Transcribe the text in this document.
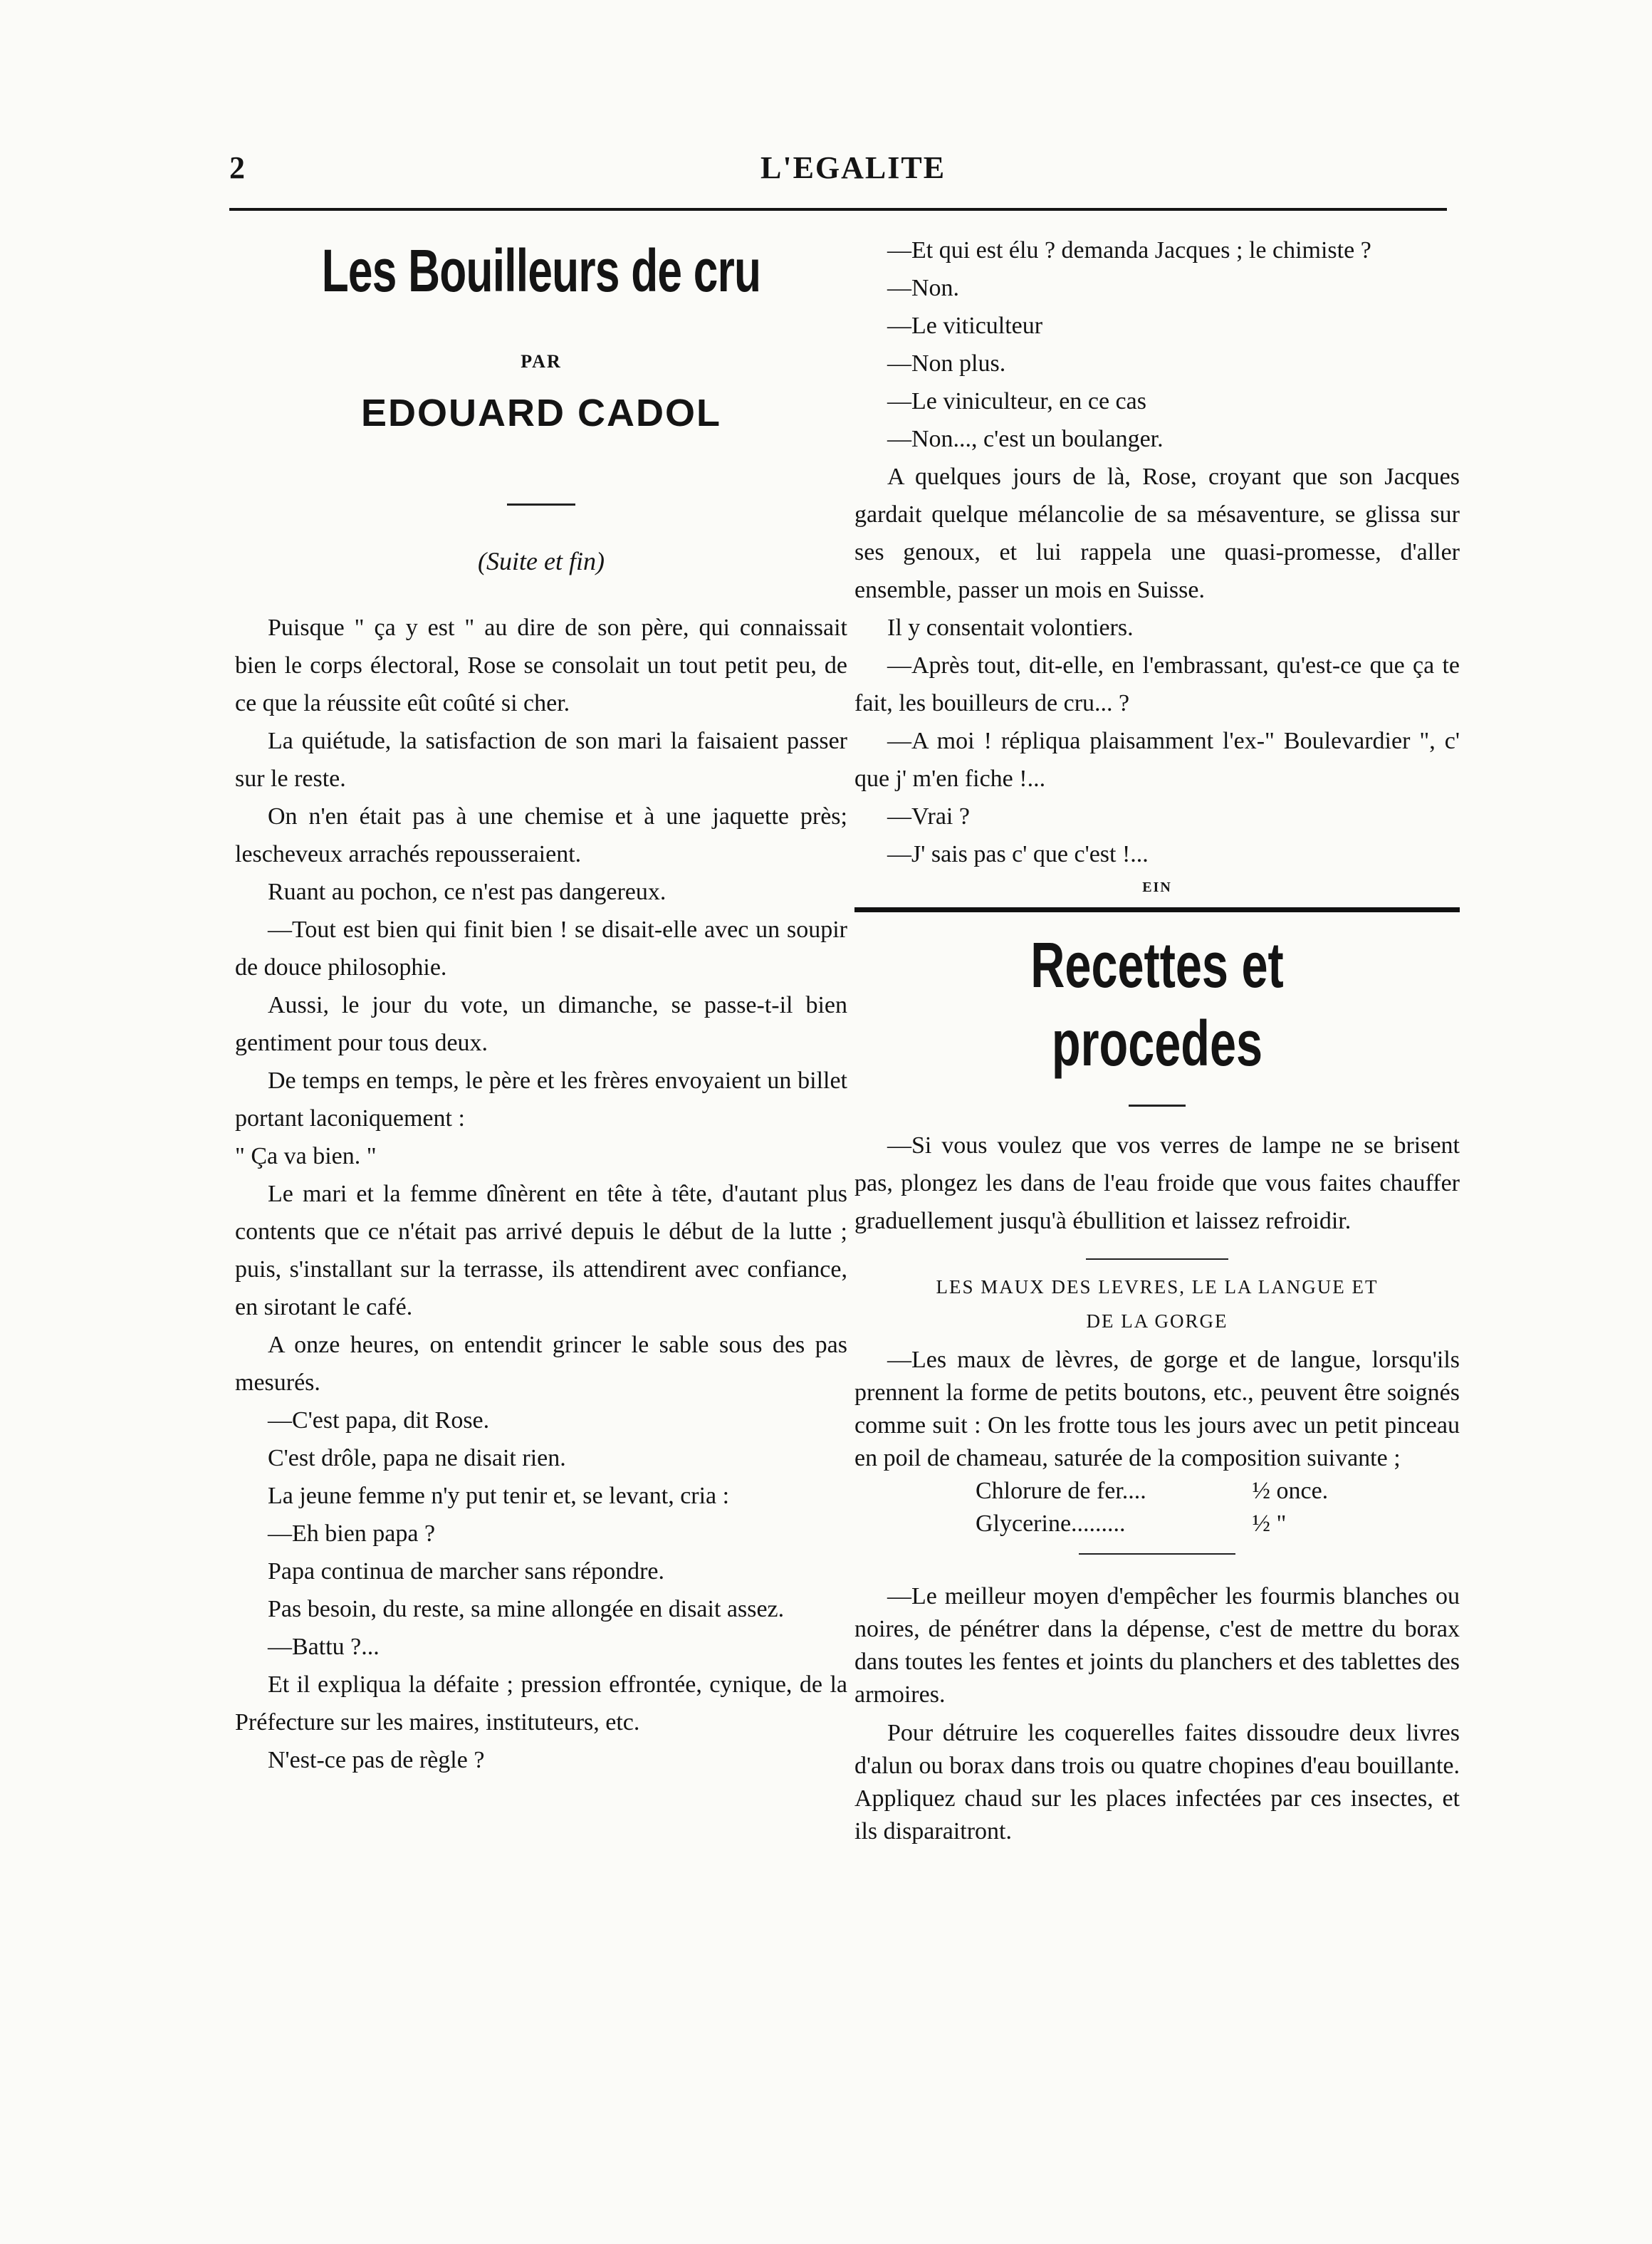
2	L'EGALITE
Les Bouilleurs de cru
PAR
EDOUARD CADOL
(Suite et fin)

Puisque " ça y est " au dire de son père, qui connaissait bien le corps électoral, Rose se consolait un tout petit peu, de ce que la réussite eût coûté si cher.

La quiétude, la satisfaction de son mari la faisaient passer sur le reste.

On n'en était pas à une chemise et à une jaquette près; lescheveux arrachés repousseraient.

Ruant au pochon, ce n'est pas dangereux.

—Tout est bien qui finit bien ! se disait-elle avec un soupir de douce philosophie.

Aussi, le jour du vote, un dimanche, se passe-t-il bien gentiment pour tous deux.

De temps en temps, le père et les frères envoyaient un billet portant laconiquement :

" Ça va bien. "

Le mari et la femme dînèrent en tête à tête, d'autant plus contents que ce n'était pas arrivé depuis le début de la lutte ; puis, s'installant sur la terrasse, ils attendirent avec confiance, en sirotant le café.

A onze heures, on entendit grincer le sable sous des pas mesurés.

—C'est papa, dit Rose.

C'est drôle, papa ne disait rien.

La jeune femme n'y put tenir et, se levant, cria :

—Eh bien papa ?

Papa continua de marcher sans répondre.

Pas besoin, du reste, sa mine allongée en disait assez.

—Battu ?...

Et il expliqua la défaite ; pression effrontée, cynique, de la Préfecture sur les maires, instituteurs, etc.

N'est-ce pas de règle ?

—Et qui est élu ? demanda Jacques ; le chimiste ?

—Non.

—Le viticulteur

—Non plus.

—Le viniculteur, en ce cas

—Non..., c'est un boulanger.

A quelques jours de là, Rose, croyant que son Jacques gardait quelque mélancolie de sa mésaventure, se glissa sur ses genoux, et lui rappela une quasi-promesse, d'aller ensemble, passer un mois en Suisse.

Il y consentait volontiers.

—Après tout, dit-elle, en l'embrassant, qu'est-ce que ça te fait, les bouilleurs de cru... ?

—A moi ! répliqua plaisamment l'ex-" Boulevardier ", c' que j' m'en fiche !...

—Vrai ?

—J' sais pas c' que c'est !...

EIN
Recettes et procedes

—Si vous voulez que vos verres de lampe ne se brisent pas, plongez les dans de l'eau froide que vous faites chauffer graduellement jusqu'à ébullition et laissez refroidir.

LES MAUX DES LEVRES, LE LA LANGUE ET
DE LA GORGE

—Les maux de lèvres, de gorge et de langue, lorsqu'ils prennent la forme de petits boutons, etc., peuvent être soignés comme suit : On les frotte tous les jours avec un petit pinceau en poil de chameau, saturée de la composition suivante ;

Chlorure de fer....	½ once.
Glycerine.........	½ "

—Le meilleur moyen d'empêcher les fourmis blanches ou noires, de pénétrer dans la dépense, c'est de mettre du borax dans toutes les fentes et joints du planchers et des tablettes des armoires.

Pour détruire les coquerelles faites dissoudre deux livres d'alun ou borax dans trois ou quatre chopines d'eau bouillante. Appliquez chaud sur les places infectées par ces insectes, et ils disparaitront.
